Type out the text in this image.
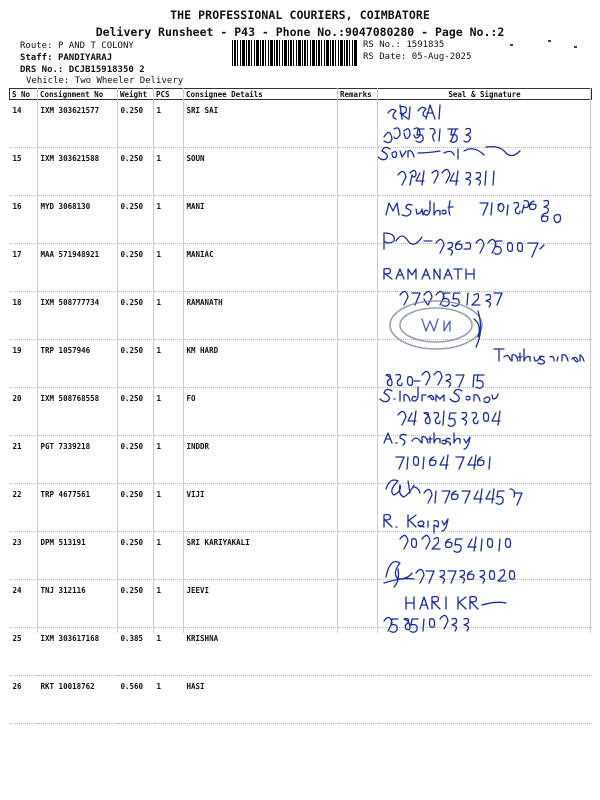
THE PROFESSIONAL COURIERS, COIMBATORE
Delivery Runsheet - P43 - Phone No.:9047080280 - Page No.:2
Route: P AND T COLONY
Staff: PANDIYARAJ
DRS No.: DCJB15918350 2
Vehicle: Two Wheeler Delivery
RS No.: 1591835
RS Date: 05-Aug-2025
S No	Consignment No	Weight	PCS	Consignee Details	Remarks	Seal & Signature
14	IXM 303621577	0.250	1	SRI SAI		
15	IXM 303621588	0.250	1	SOUN		
16	MYD 3068130	0.250	1	MANI		
17	MAA 571948921	0.250	1	MANIAC		
18	IXM 508777734	0.250	1	RAMANATH		
19	TRP 1057946	0.250	1	KM HARD		
20	IXM 508768558	0.250	1	FO		
21	PGT 7339218	0.250	1	INDDR		
22	TRP 4677561	0.250	1	VIJI		
23	DPM 513191	0.250	1	SRI KARIYAKALI		
24	TNJ 312116	0.250	1	JEEVI		
25	IXM 303617168	0.385	1	KRISHNA		
26	RKT 10018762	0.560	1	HASI		
